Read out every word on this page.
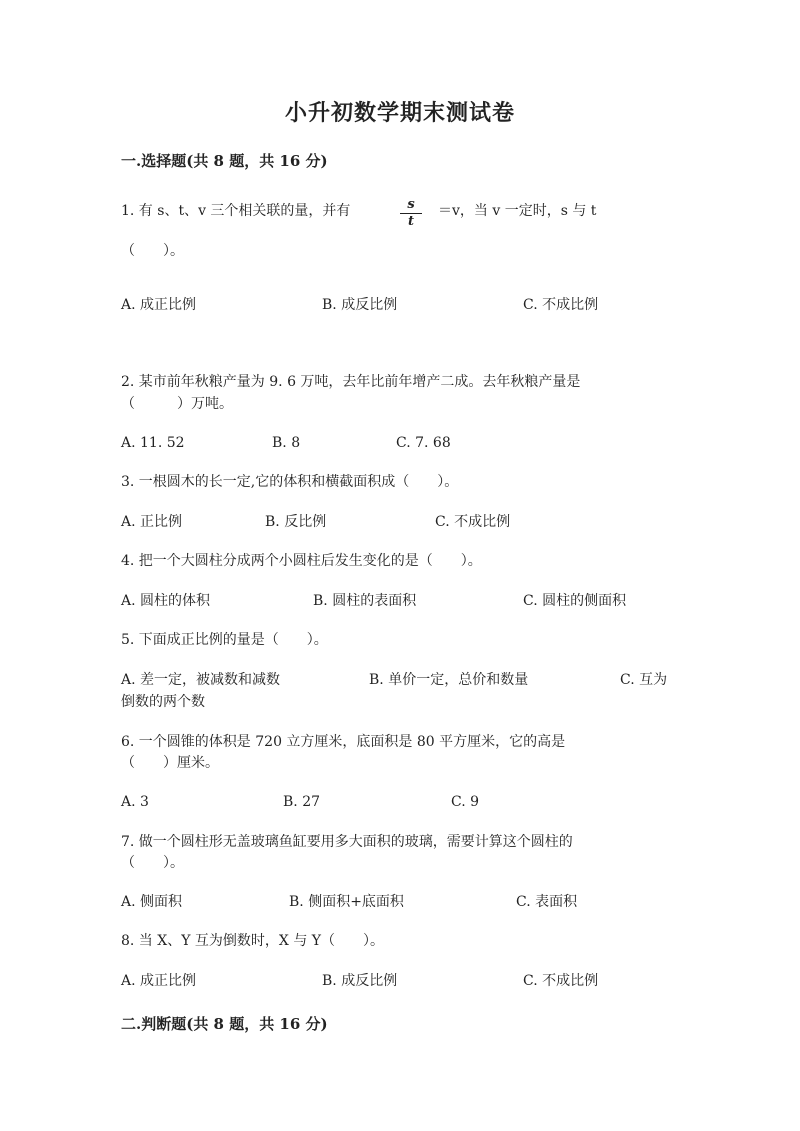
小升初数学期末测试卷
一.选择题(共 8 题，共 16 分)
1. 有 s、t、v 三个相关联的量，并有	$\frac{s}{t} =v$，当 v 一定时，s 与 t
（　　）。
A. 成正比例	B. 成反比例	C. 不成比例
2. 某市前年秋粮产量为 9. 6 万吨，去年比前年增产二成。去年秋粮产量是
（　　　）万吨。
A. 11. 52	B. 8	C. 7. 68
3. 一根圆木的长一定,它的体积和横截面积成（　　）。
A. 正比例	B. 反比例	C. 不成比例
4. 把一个大圆柱分成两个小圆柱后发生变化的是（　　）。
A. 圆柱的体积	B. 圆柱的表面积	C. 圆柱的侧面积
5. 下面成正比例的量是（　　）。
A. 差一定，被减数和减数	B. 单价一定，总价和数量	C. 互为
倒数的两个数
6. 一个圆锥的体积是 720 立方厘米，底面积是 80 平方厘米，它的高是
（　　）厘米。
A. 3	B. 27	C. 9
7. 做一个圆柱形无盖玻璃鱼缸要用多大面积的玻璃，需要计算这个圆柱的
（　　）。
A. 侧面积	B. 侧面积+底面积	C. 表面积
8. 当 X、Y 互为倒数时，X 与 Y（　　）。
A. 成正比例	B. 成反比例	C. 不成比例
二.判断题(共 8 题，共 16 分)
